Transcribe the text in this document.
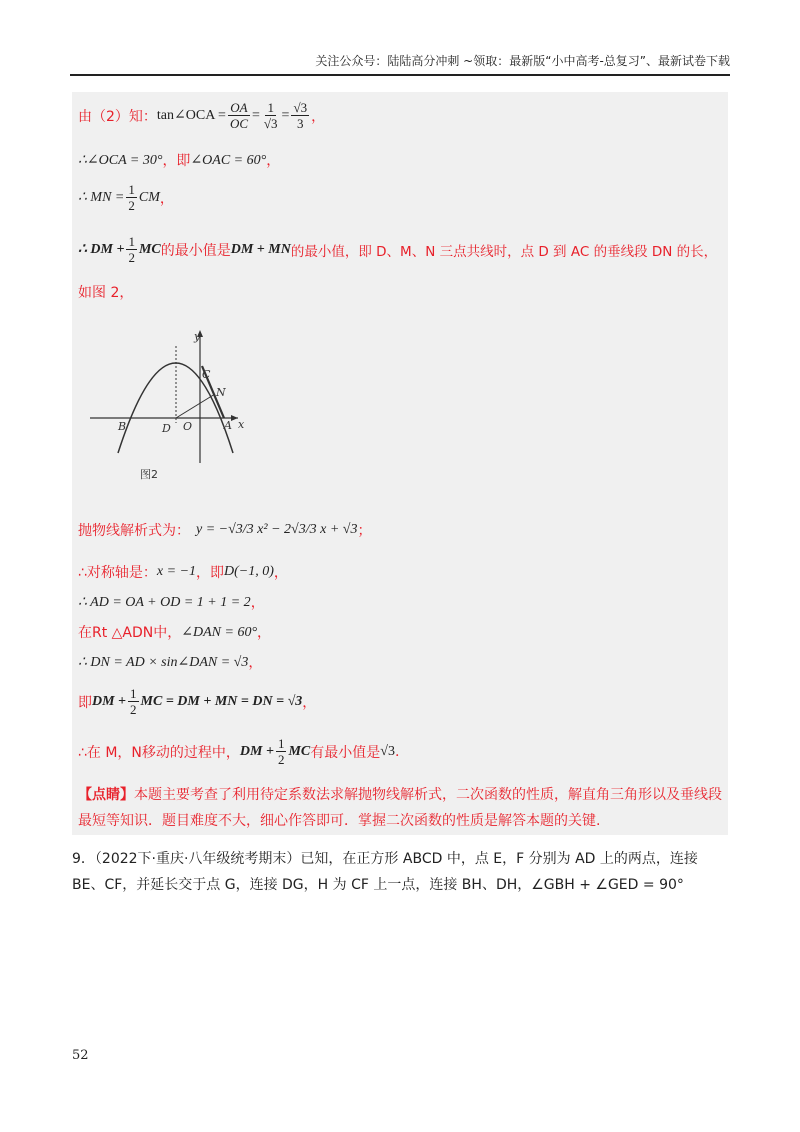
关注公众号：陆陆高分冲刺 ~领取：最新版“小中高考-总复习”、最新试卷下载
由（2）知： tan∠OCA = $\frac{OA}{OC} = \frac{1}{√3} = \frac{√3}{3}$ ，
∴∠OCA = 30° ，即 ∠OAC = 60° ，
∴ MN = $\frac{1}{2}$ CM ，
∴ DM + $\frac{1}{2}$ MC 的最小值是 DM + MN 的最小值，即 D、M、N 三点共线时，点 D 到 AC 的垂线段 DN 的长，
如图 2，
y
x
B	D O	A
C
N
图2
抛物线解析式为： y = −√3/3 x² − 2√3/3 x + √3 ；
∴对称轴是： x = −1 ，即 D(−1, 0) ，
∴ AD = OA + OD = 1 + 1 = 2 ，
在Rt △ADN中， ∠DAN = 60° ，
∴ DN = AD × sin∠DAN = √3 ，
即 DM + $\frac{1}{2}$ MC = DM + MN = DN = √3 ，
∴在 M，N移动的过程中， DM + $\frac{1}{2}$ MC 有最小值是 √3 .
【点睛】本题主要考查了利用待定系数法求解抛物线解析式，二次函数的性质，解直角三角形以及垂线段最短等知识．题目难度不大，细心作答即可．掌握二次函数的性质是解答本题的关键.
9．（2022下·重庆·八年级统考期末）已知，在正方形 ABCD 中，点 E，F 分别为 AD 上的两点，连接 BE、CF，并延长交于点 G，连接 DG，H 为 CF 上一点，连接 BH、DH，∠GBH + ∠GED = 90°
52
